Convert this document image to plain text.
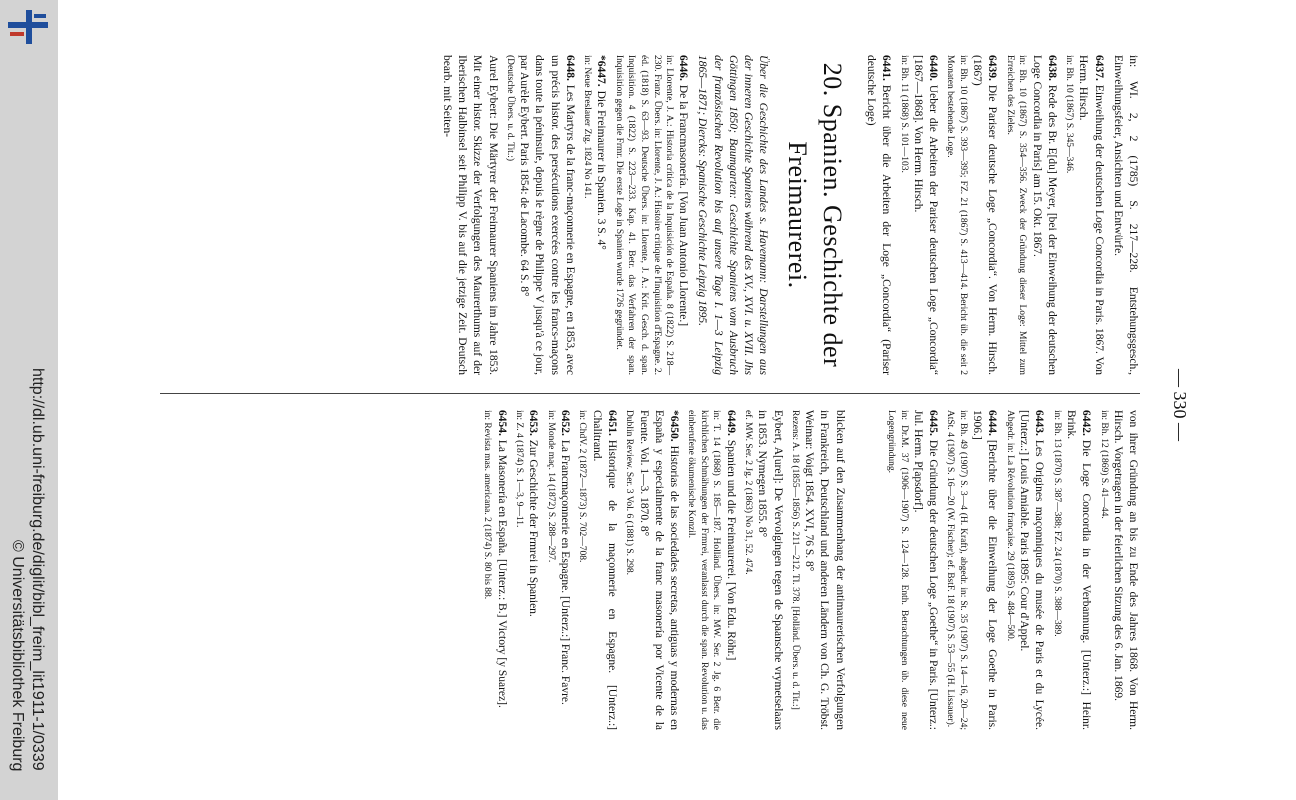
http://dl.ub.uni-freiburg.de/diglit/bibl_freim_lit1911-1/0339
© Universitätsbibliothek Freiburg
— 330 —
in: WI. 2, 2 (1785) S. 217—228. Entstehungsgesch., Einweihungsfeier, Ansichten und Entwürfe.
6437.Einweihung der deutschen Loge Concordia in Paris. 1867. Von Herm. Hirsch.
in: Bh. 10 (1867) S. 345—346.
6438.Rede des Br. E[du] Meyer, [bei der Einweihung der deutschen Loge Concordia in Paris] am 15. Okt. 1867.
in: Bh. 10 (1867) S. 354—356. Zweck der Gründung dieser Loge: Mittel zum Erreichen des Zieles.
6439.Die Pariser deutsche Loge „Concordia“. Von Herm. Hirsch. (1867)
in: Bh. 10 (1867) S. 393—395; FZ. 21 (1867) S. 413—414. Bericht üb. die seit 2 Monaten bestehende Loge.
6440.Ueber die Arbeiten der Pariser deutschen Loge „Concordia“ [1867—1868]. Von Herm. Hirsch.
in: Bh. 11 (1868) S. 101—103.
6441.Bericht über die Arbeiten der Loge „Concordia“ (Pariser deutsche Loge)
20. Spanien. Geschichte der Freimaurerei.
Über die Geschichte des Landes s. Havemann: Darstellungen aus der inneren Geschichte Spaniens während des XV., XVI. u. XVII. Jhs Göttingen 1850; Baumgarten: Geschichte Spaniens vom Ausbruch der französischen Revolution bis auf unsere Tage I. 1—3 Leipzig 1865—1871; Diercks: Spanische Geschichte Leipzig 1895.
6446.De la Francmasonería. [Von Juan Antonio Llorente.]
in: Llorente, J. A.: Historia crítica de la Inquisición de España. 8 (1822) S. 218—230. Franz. Übers. in: Llorente, J. A.: Histoire critique de l'Inquisition d'Espagne. 2. éd. (1818) S. 63—93. Deutsche Übers. in: Llorente, J. A.: Krit. Gesch. d. span. Inquisition. 4 (1822) S. 223—233. Kap. 41. Betr. das Verfahren der span. Inquisition gegen die Frmr. Die erste Loge in Spanien wurde 1726 gegründet.
*6447.Die Freimaurer in Spanien. 3 S. 4°
in: Neue Breslauer Ztg. 1824 No 141.
6448.Les Martyrs de la franc-maçonnerie en Espagne, en 1853, avec un précis histor. des persécutions exercées contre les francs-maçons dans toute la péninsule, depuis le règne de Philippe V jusqu'à ce jour, par Aurèle Eybert. Paris 1854: de Lacombe. 64 S. 8°
(Deutsche Übers. u. d. Tit.:)
Aurel Eybert: Die Märtyrer der Freimaurer Spaniens im Jahre 1853. Mit einer histor. Skizze der Verfolgungen des Maurerthums auf der Iberischen Halbinsel seit Philipp V. bis auf die jetzige Zeit. Deutsch bearb. mit Seiten-
von ihrer Gründung an bis zu Ende des Jahres 1868. Von Herm. Hirsch. Vorgetragen in der feierlichen Sitzung des 6. Jan. 1869.
in: Bh. 12 (1869) S. 41—44.
6442.Die Loge Concordia in der Verbannung. [Unterz.:] Heinr. Brink.
in: Bh. 13 (1870) S. 387—388; FZ. 24 (1870) S. 388—389.
6443.Les Origines maçonniques du musée de Paris et du Lycée. [Unterz.:] Louis Amiable. Paris 1895: Cour d'Appel.
Abgedr. in: La Révolution française. 29 (1895) S. 484—500.
6444.[Berichte über die Einweihung der Loge Goethe in Paris. 1906.]
in: Bh. 49 (1907) S. 3—4 (H. Kraft), abgedr. in: St. 35 (1907) S. 14—16, 20—24; AtSt. 4 (1907) S. 16—20 (W. Fischer); ef. BstF. 18 (1907) S. 53—55 (H. Lissauer).
6445.Die Gründung der deutschen Loge „Goethe“ in Paris. [Unterz.: Jul. Herm. P[apsdorf].
in: Dr.M. 37 (1906—1907) S. 124—128. Enth. Betrachtungen üb. diese neue Logengründung.
blicken auf den Zusammenhang der antimaurerischen Verfolgungen in Frankreich, Deutschland und anderen Ländern von Ch. G. Tröbst. Weimar: Voigt 1854. XVI, 76 S. 8°
Rezens: A. 18 (1855—1856) S. 211—212. Tl. 378. [Holländ. Übers. u. d. Tit.:]
Eybert, A[urel]: De Vervolgingen tegen de Spaansche vrymetselaars in 1853. Nymegen 1855. 8°
ef. MW. Ser. 2 Jg. 2 (1863) No 31, 52. 474.
6449.Spanien und die Freimaurerei. [Von Edu. Röhr.]
in: T. 14 (1868) S. 185—187. Holländ. Übers. in: MW. Ser. 2 Jg. 6 Betr. die kirchlichen Schmähungen der Frmrei, veranlasst durch die span. Revolution u. das einberufene ökumenische Konzil.
*6450.Historias de las sociedades secretas, antiguas y modernas en España y especialmente de la franc masonería por Vicente de la Fuente. Vol. 1—3. 1870. 8°
Dublin Review. Ser. 3 Vol. 6 (1881) S. 298.
6451.Historique de la maçonnerie en Espagne. [Unterz.:] Chalitrand.
in: ChdV. 2 (1872—1873) S. 702—708.
6452.La Francmaçonnerie en Espagne. [Unterz.:] Franc. Favre.
in: Monde maç. 14 (1872) S. 288—297.
6453.Zur Geschichte der Frmrei in Spanien.
in: Z. 4 (1874) S. 1—3, 9—11.
6454.La Masonería en España. [Unterz.: B.] Victory [y Suarez].
in: Revista mas. americana. 2 (1874) S. 80 bis 88.
